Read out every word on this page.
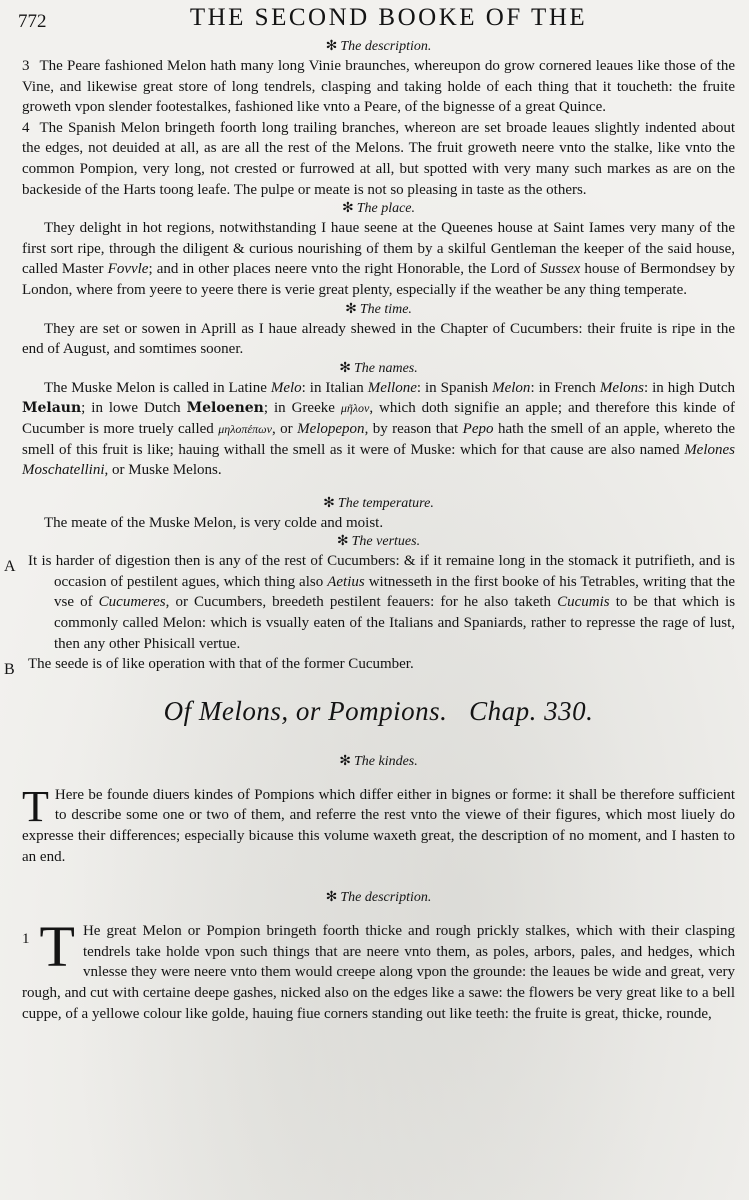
772	THE SECOND BOOKE OF THE
✻ The description.

3 The Peare fashioned Melon hath many long Vinie braunches, whereupon do grow cornered leaues like those of the Vine, and likewise great store of long tendrels, clasping and taking holde of each thing that it toucheth: the fruite groweth vpon slender footestalkes, fashioned like vnto a Peare, of the bignesse of a great Quince.

4 The Spanish Melon bringeth foorth long trailing branches, whereon are set broade leaues slightly indented about the edges, not deuided at all, as are all the rest of the Melons. The fruit groweth neere vnto the stalke, like vnto the common Pompion, very long, not crested or furrowed at all, but spotted with very many such markes as are on the backeside of the Harts toong leafe. The pulpe or meate is not so pleasing in taste as the others.

✻ The place.

They delight in hot regions, notwithstanding I haue seene at the Queenes house at Saint Iames very many of the first sort ripe, through the diligent & curious nourishing of them by a skilful Gentleman the keeper of the said house, called Master Fovvle; and in other places neere vnto the right Honorable, the Lord of Sussex house of Bermondsey by London, where from yeere to yeere there is verie great plenty, especially if the weather be any thing temperate.

✻ The time.

They are set or sowen in Aprill as I haue already shewed in the Chapter of Cucumbers: their fruite is ripe in the end of August, and somtimes sooner.

✻ The names.

The Muske Melon is called in Latine Melo: in Italian Mellone: in Spanish Melon: in French Melons: in high Dutch Melaun; in lowe Dutch Meloenen; in Greeke μῆλον, which doth signifie an apple; and therefore this kinde of Cucumber is more truely called μηλοπέπων, or Melopepon, by reason that Pepo hath the smell of an apple, whereto the smell of this fruit is like; hauing withall the smell as it were of Muske: which for that cause are also named Melones Moschatellini, or Muske Melons.

✻ The temperature.

The meate of the Muske Melon, is very colde and moist.

✻ The vertues.
A It is harder of digestion then is any of the rest of Cucumbers: & if it remaine long in the stomack it putrifieth, and is occasion of pestilent agues, which thing also Aetius witnesseth in the first booke of his Tetrables, writing that the vse of Cucumeres, or Cucumbers, breedeth pestilent feauers: for he also taketh Cucumis to be that which is commonly called Melon: which is vsually eaten of the Italians and Spaniards, rather to represse the rage of lust, then any other Phisicall vertue.

B The seede is of like operation with that of the former Cucumber.

Of Melons, or Pompions. Chap. 330.
✻ The kindes.

T Here be founde diuers kindes of Pompions which differ either in bignes or forme: it shall be therefore sufficient to describe some one or two of them, and referre the rest vnto the viewe of their figures, which most liuely do expresse their differences; especially bicause this volume waxeth great, the description of no moment, and I hasten to an end.

✻ The description.

1 T He great Melon or Pompion bringeth foorth thicke and rough prickly stalkes, which with their clasping tendrels take holde vpon such things that are neere vnto them, as poles, arbors, pales, and hedges, which vnlesse they were neere vnto them would creepe along vpon the grounde: the leaues be wide and great, very rough, and cut with certaine deepe gashes, nicked also on the edges like a sawe: the flowers be very great like to a bell cuppe, of a yellowe colour like golde, hauing fiue corners standing out like teeth: the fruite is great, thicke, rounde,
